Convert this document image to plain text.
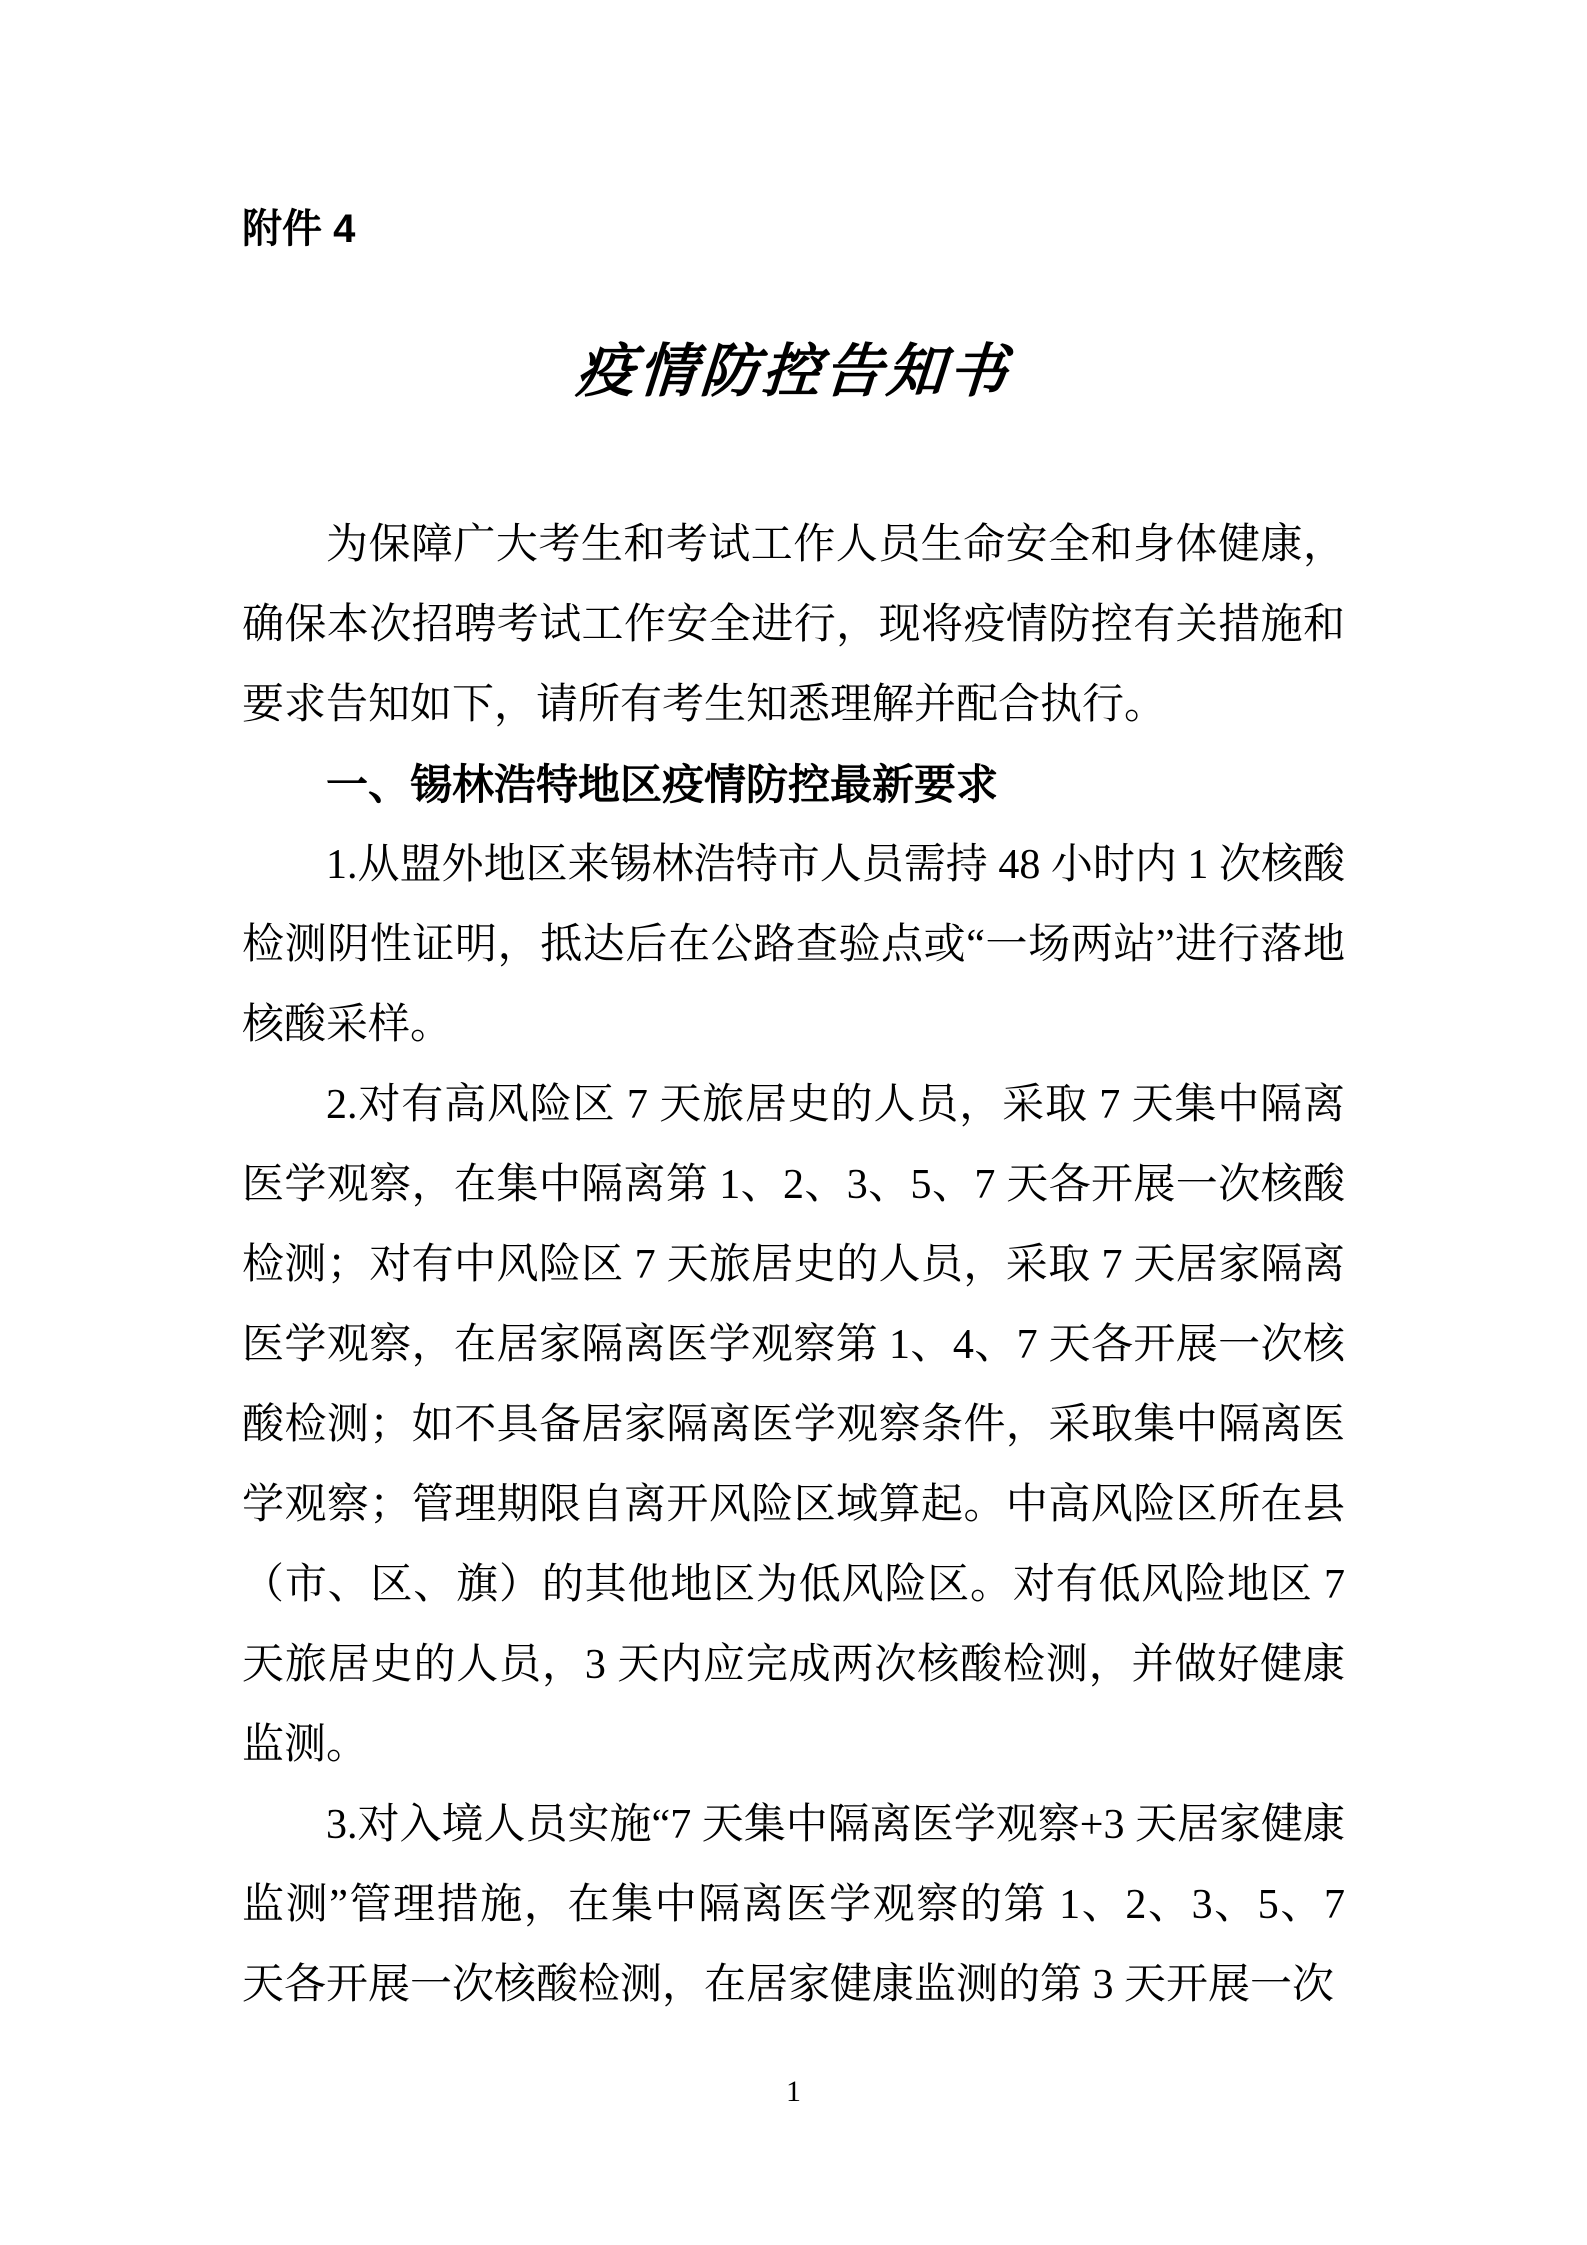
附件 4
疫情防控告知书

为保障广大考生和考试工作人员生命安全和身体健康，确保本次招聘考试工作安全进行，现将疫情防控有关措施和要求告知如下，请所有考生知悉理解并配合执行。

一、锡林浩特地区疫情防控最新要求

1.从盟外地区来锡林浩特市人员需持 48 小时内 1 次核酸检测阴性证明，抵达后在公路查验点或“一场两站”进行落地核酸采样。

2.对有高风险区 7 天旅居史的人员，采取 7 天集中隔离医学观察，在集中隔离第 1、2、3、5、7 天各开展一次核酸检测；对有中风险区 7 天旅居史的人员，采取 7 天居家隔离医学观察，在居家隔离医学观察第 1、4、7 天各开展一次核酸检测；如不具备居家隔离医学观察条件，采取集中隔离医学观察；管理期限自离开风险区域算起。中高风险区所在县（市、区、旗）的其他地区为低风险区。对有低风险地区 7 天旅居史的人员，3 天内应完成两次核酸检测，并做好健康监测。

3.对入境人员实施“7 天集中隔离医学观察+3 天居家健康监测”管理措施，在集中隔离医学观察的第 1、2、3、5、7 天各开展一次核酸检测，在居家健康监测的第 3 天开展一次

1
